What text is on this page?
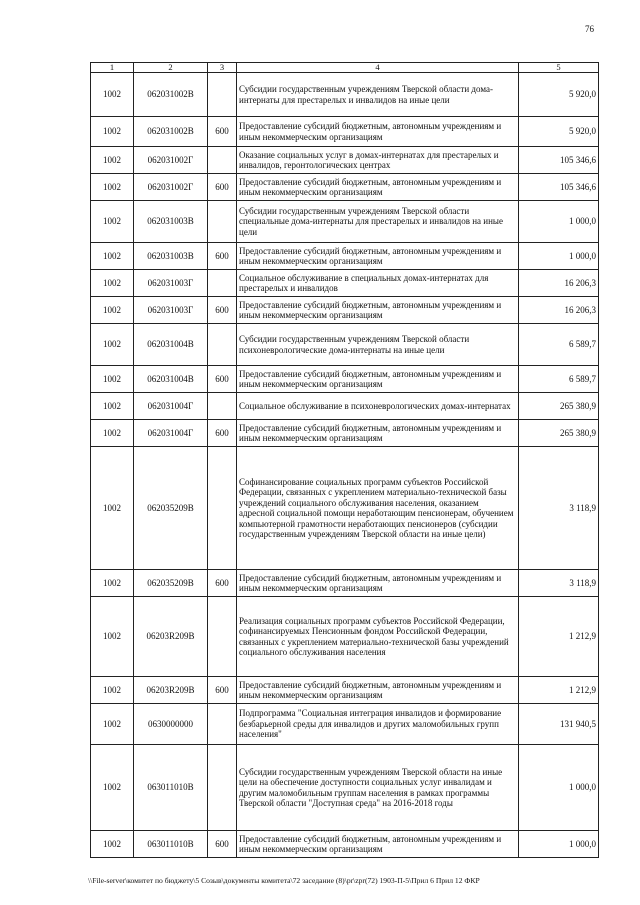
76
1	2	3	4	5
1002	062031002В		Субсидии государственным учреждениям Тверской области дома-интернаты для престарелых и инвалидов на иные цели	5 920,0
1002	062031002В	600	Предоставление субсидий бюджетным, автономным учреждениям и иным некоммерческим организациям	5 920,0
1002	062031002Г		Оказание социальных услуг в домах-интернатах для престарелых и инвалидов, геронтологических центрах	105 346,6
1002	062031002Г	600	Предоставление субсидий бюджетным, автономным учреждениям и иным некоммерческим организациям	105 346,6
1002	062031003В		Субсидии государственным учреждениям Тверской области специальные дома-интернаты для престарелых и инвалидов на иные цели	1 000,0
1002	062031003В	600	Предоставление субсидий бюджетным, автономным учреждениям и иным некоммерческим организациям	1 000,0
1002	062031003Г		Социальное обслуживание в специальных домах-интернатах для престарелых и инвалидов	16 206,3
1002	062031003Г	600	Предоставление субсидий бюджетным, автономным учреждениям и иным некоммерческим организациям	16 206,3
1002	062031004В		Субсидии государственным учреждениям Тверской области психоневрологические дома-интернаты на иные цели	6 589,7
1002	062031004В	600	Предоставление субсидий бюджетным, автономным учреждениям и иным некоммерческим организациям	6 589,7
1002	062031004Г		Социальное обслуживание в психоневрологических домах-интернатах	265 380,9
1002	062031004Г	600	Предоставление субсидий бюджетным, автономным учреждениям и иным некоммерческим организациям	265 380,9
1002	062035209В		Софинансирование социальных программ субъектов Российской Федерации, связанных с укреплением материально-технической базы учреждений социального обслуживания населения, оказанием адресной социальной помощи неработающим пенсионерам, обучением компьютерной грамотности неработающих пенсионеров (субсидии государственным учреждениям Тверской области на иные цели)	3 118,9
1002	062035209В	600	Предоставление субсидий бюджетным, автономным учреждениям и иным некоммерческим организациям	3 118,9
1002	06203R209В		Реализация социальных программ субъектов Российской Федерации, софинансируемых Пенсионным фондом Российской Федерации, связанных с укреплением материально-технической базы учреждений социального обслуживания населения	1 212,9
1002	06203R209В	600	Предоставление субсидий бюджетным, автономным учреждениям и иным некоммерческим организациям	1 212,9
1002	0630000000		Подпрограмма "Социальная интеграция инвалидов и формирование безбарьерной среды для инвалидов и других маломобильных групп населения"	131 940,5
1002	063011010В		Субсидии государственным учреждениям Тверской области на иные цели на обеспечение доступности социальных услуг инвалидам и другим маломобильным группам населения в рамках программы Тверской области "Доступная среда" на 2016-2018 годы	1 000,0
1002	063011010В	600	Предоставление субсидий бюджетным, автономным учреждениям и иным некоммерческим организациям	1 000,0
\\File-server\комитет по бюджету\5 Созыв\документы комитета\72 заседание (8)\pr\zpr(72) 1903-П-5\Прил 6 Прил 12 ФКР
